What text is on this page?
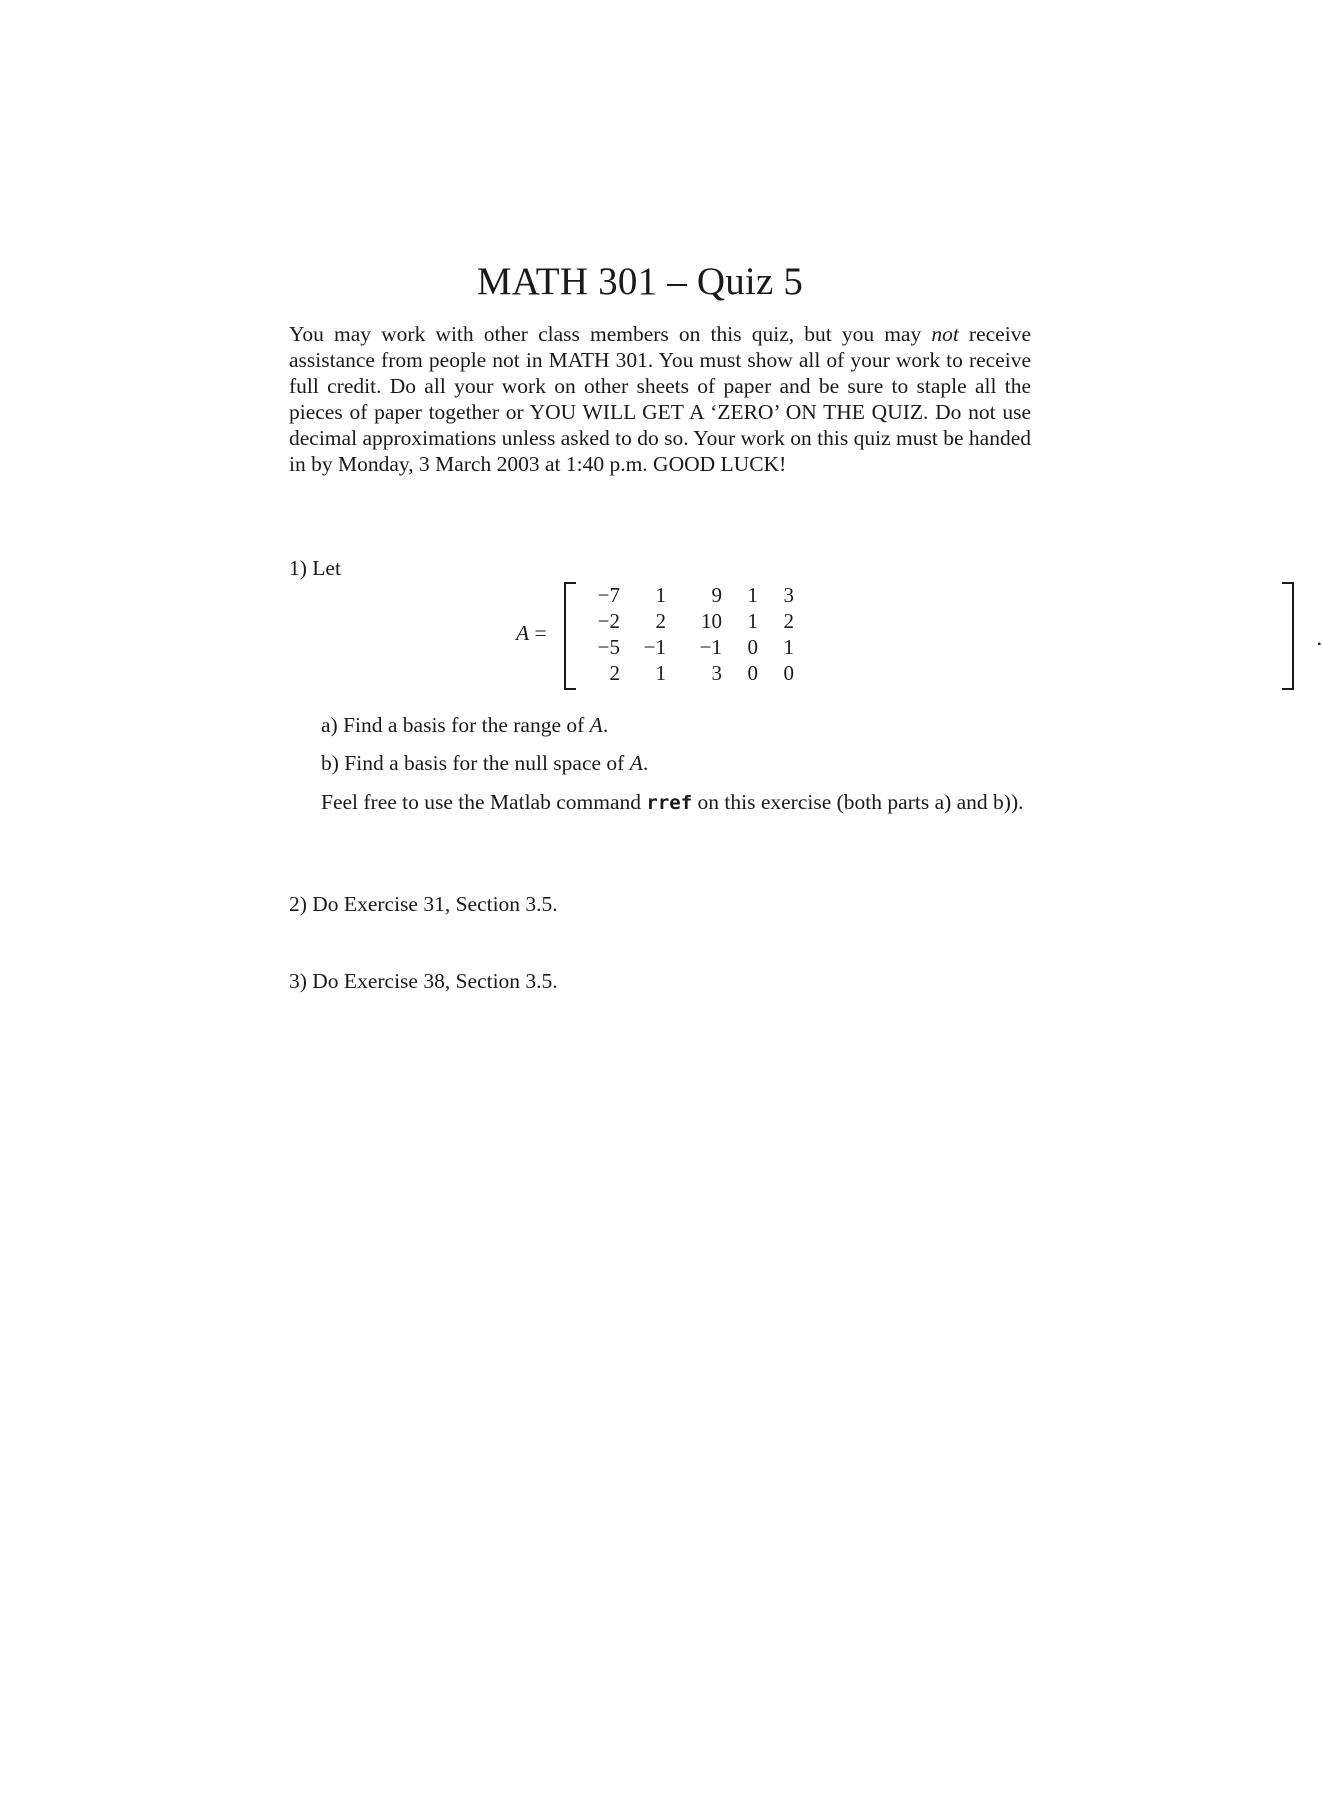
MATH 301 – Quiz 5
You may work with other class members on this quiz, but you may not receive assistance from people not in MATH 301. You must show all of your work to receive full credit. Do all your work on other sheets of paper and be sure to staple all the pieces of paper together or YOU WILL GET A ‘ZERO’ ON THE QUIZ. Do not use decimal approximations unless asked to do so. Your work on this quiz must be handed in by Monday, 3 March 2003 at 1:40 p.m. GOOD LUCK!
1) Let
A =
−7	1	9	1	3
−2	2	10	1	2
−5	−1	−1	0	1
2	1	3	0	0
.
a) Find a basis for the range of A.
b) Find a basis for the null space of A.
Feel free to use the Matlab command rref on this exercise (both parts a) and b)).
2) Do Exercise 31, Section 3.5.
3) Do Exercise 38, Section 3.5.
